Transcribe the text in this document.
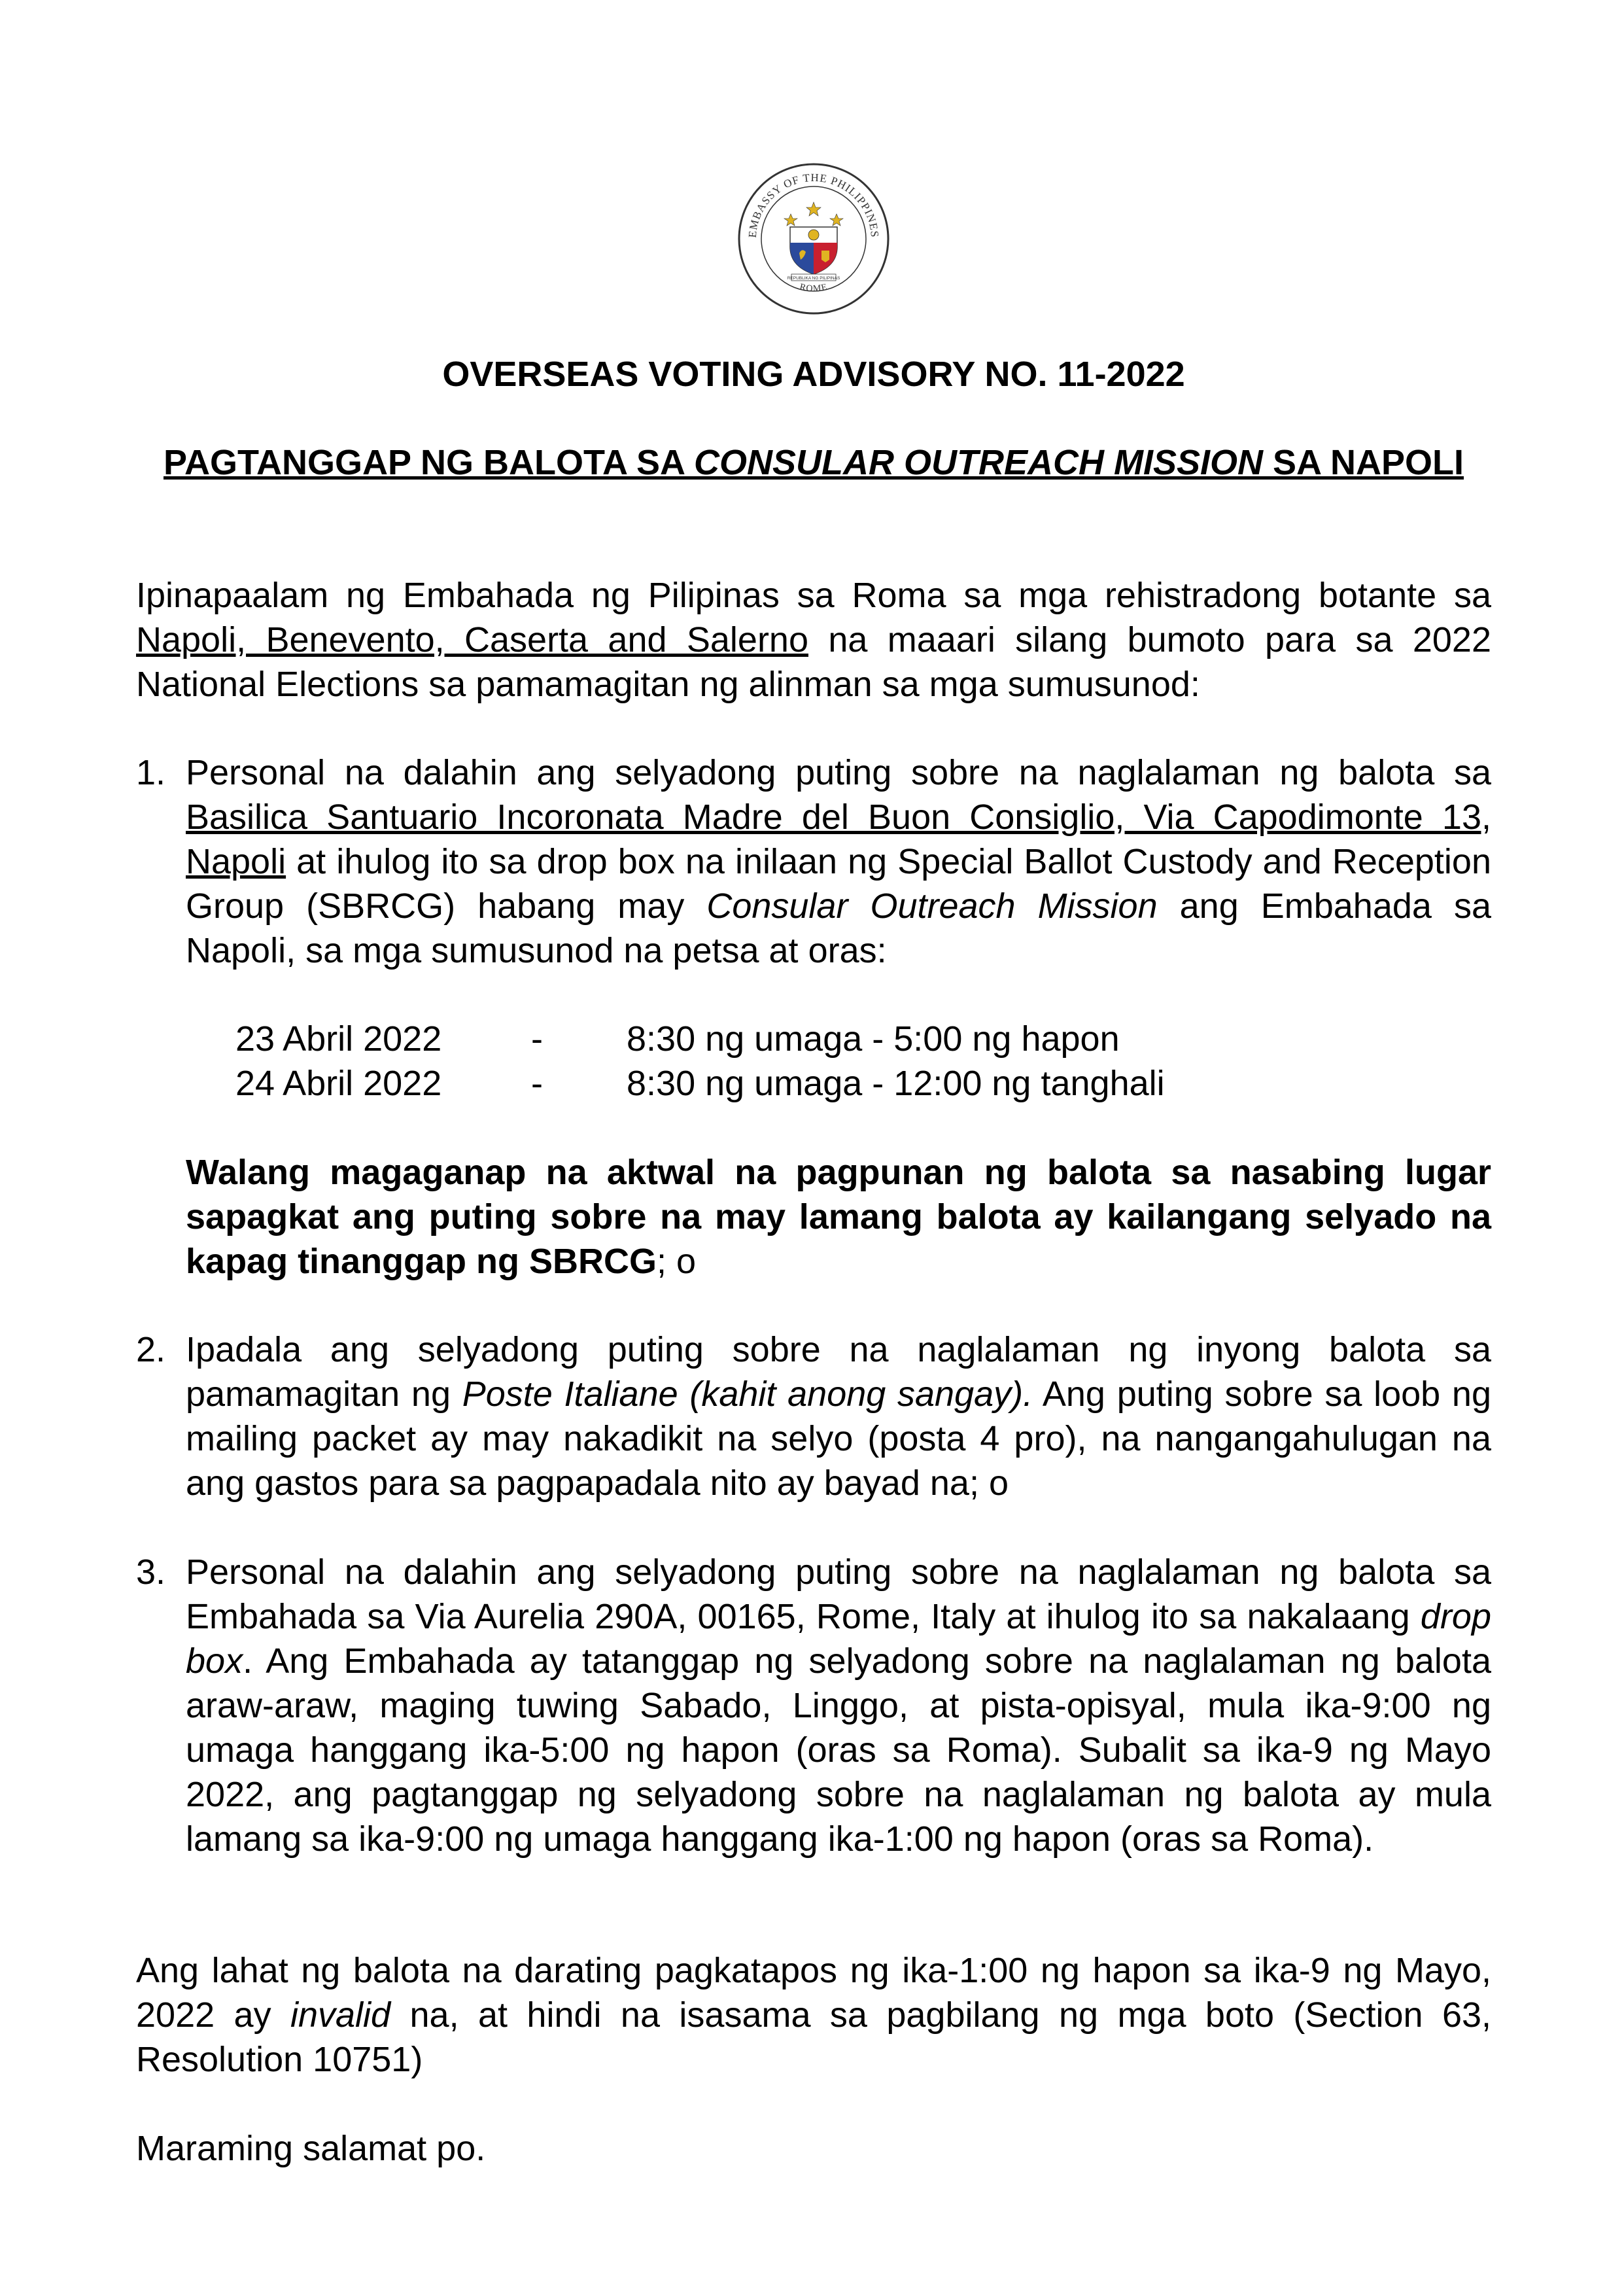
EMBASSY OF THE PHILIPPINES
ROME
REPUBLIKA NG PILIPINAS
OVERSEAS VOTING ADVISORY NO. 11-2022
PAGTANGGAP NG BALOTA SA CONSULAR OUTREACH MISSION SA NAPOLI
Ipinapaalam ng Embahada ng Pilipinas sa Roma sa mga rehistradong botante sa Napoli, Benevento, Caserta and Salerno na maaari silang bumoto para sa 2022 National Elections sa pamamagitan ng alinman sa mga sumusunod:
1. Personal na dalahin ang selyadong puting sobre na naglalaman ng balota sa Basilica Santuario Incoronata Madre del Buon Consiglio, Via Capodimonte 13, Napoli at ihulog ito sa drop box na inilaan ng Special Ballot Custody and Reception Group (SBRCG) habang may Consular Outreach Mission ang Embahada sa Napoli, sa mga sumusunod na petsa at oras:
23 Abril 2022	- 8:30 ng umaga - 5:00 ng hapon
24 Abril 2022	- 8:30 ng umaga - 12:00 ng tanghali
Walang magaganap na aktwal na pagpunan ng balota sa nasabing lugar sapagkat ang puting sobre na may lamang balota ay kailangang selyado na kapag tinanggap ng SBRCG; o
2. Ipadala ang selyadong puting sobre na naglalaman ng inyong balota sa pamamagitan ng Poste Italiane (kahit anong sangay). Ang puting sobre sa loob ng mailing packet ay may nakadikit na selyo (posta 4 pro), na nangangahulugan na ang gastos para sa pagpapadala nito ay bayad na; o
3. Personal na dalahin ang selyadong puting sobre na naglalaman ng balota sa Embahada sa Via Aurelia 290A, 00165, Rome, Italy at ihulog ito sa nakalaang drop box. Ang Embahada ay tatanggap ng selyadong sobre na naglalaman ng balota araw-araw, maging tuwing Sabado, Linggo, at pista-opisyal, mula ika-9:00 ng umaga hanggang ika-5:00 ng hapon (oras sa Roma). Subalit sa ika-9 ng Mayo 2022, ang pagtanggap ng selyadong sobre na naglalaman ng balota ay mula lamang sa ika-9:00 ng umaga hanggang ika-1:00 ng hapon (oras sa Roma).
Ang lahat ng balota na darating pagkatapos ng ika-1:00 ng hapon sa ika-9 ng Mayo, 2022 ay invalid na, at hindi na isasama sa pagbilang ng mga boto (Section 63, Resolution 10751)
Maraming salamat po.
